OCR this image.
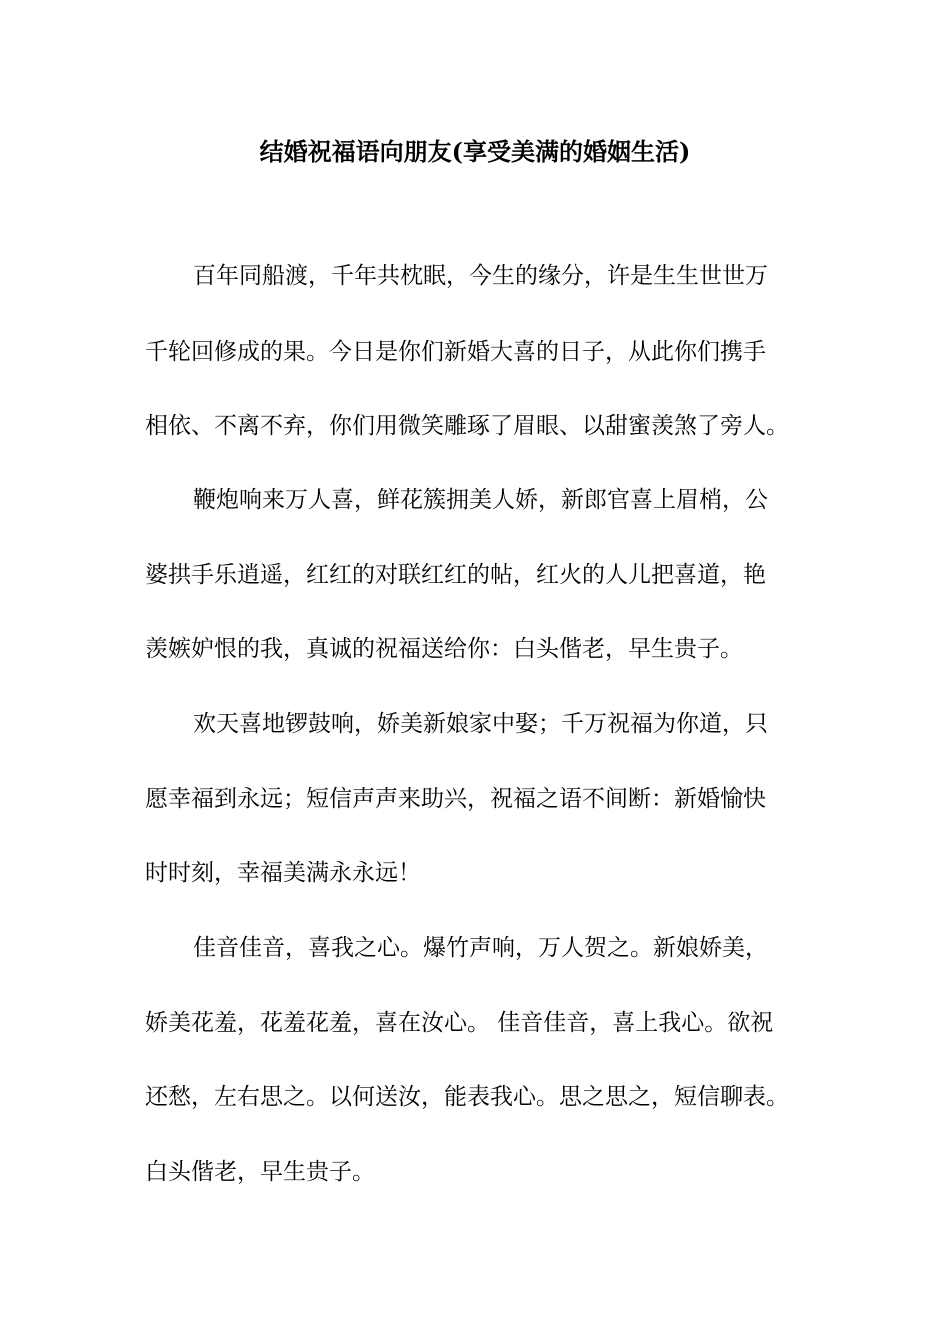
结婚祝福语向朋友(享受美满的婚姻生活)
百年同船渡，千年共枕眠，今生的缘分，许是生生世世万
千轮回修成的果。今日是你们新婚大喜的日子，从此你们携手
相依、不离不弃，你们用微笑雕琢了眉眼、以甜蜜羡煞了旁人。
鞭炮响来万人喜，鲜花簇拥美人娇，新郎官喜上眉梢，公
婆拱手乐逍遥，红红的对联红红的帖，红火的人儿把喜道，艳
羡嫉妒恨的我，真诚的祝福送给你：白头偕老，早生贵子。
欢天喜地锣鼓响，娇美新娘家中娶；千万祝福为你道，只
愿幸福到永远；短信声声来助兴，祝福之语不间断：新婚愉快
时时刻，幸福美满永永远！
佳音佳音，喜我之心。爆竹声响，万人贺之。新娘娇美，
娇美花羞，花羞花羞，喜在汝心。 佳音佳音，喜上我心。欲祝
还愁，左右思之。以何送汝，能表我心。思之思之，短信聊表。
白头偕老，早生贵子。
